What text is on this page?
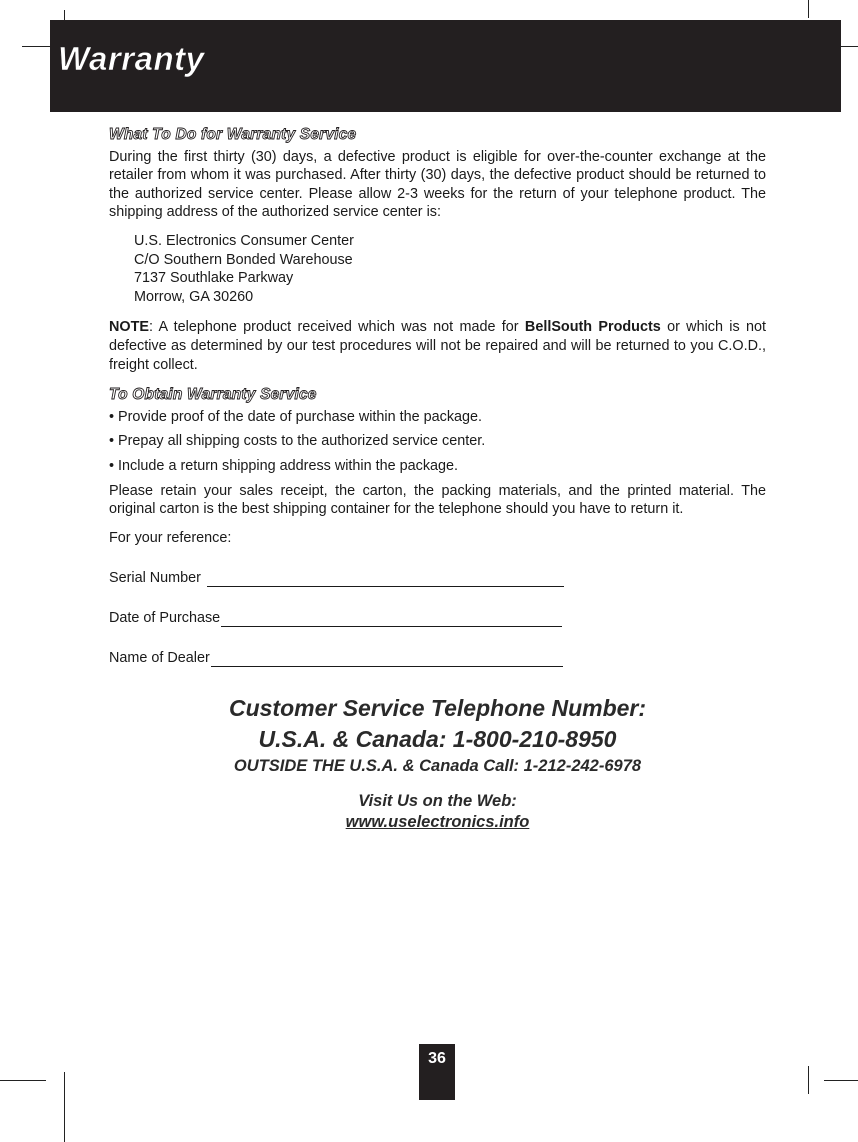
Warranty
What To Do for Warranty Service

During the first thirty (30) days, a defective product is eligible for over-the-counter exchange at the retailer from whom it was purchased. After thirty (30) days, the defective product should be returned to the authorized service center. Please allow 2-3 weeks for the return of your telephone product. The shipping address of the authorized service center is:

U.S. Electronics Consumer Center
C/O Southern Bonded Warehouse
7137 Southlake Parkway
Morrow, GA 30260

NOTE: A telephone product received which was not made for BellSouth Products or which is not defective as determined by our test procedures will not be repaired and will be returned to you C.O.D., freight collect.

To Obtain Warranty Service

• Provide proof of the date of purchase within the package.

• Prepay all shipping costs to the authorized service center.

• Include a return shipping address within the package.

Please retain your sales receipt, the carton, the packing materials, and the printed material. The original carton is the best shipping container for the telephone should you have to return it.

For your reference:

Serial Number
Date of Purchase
Name of Dealer
Customer Service Telephone Number:
U.S.A. & Canada: 1-800-210-8950
OUTSIDE THE U.S.A. & Canada Call: 1-212-242-6978
Visit Us on the Web:
www.uselectronics.info
36
